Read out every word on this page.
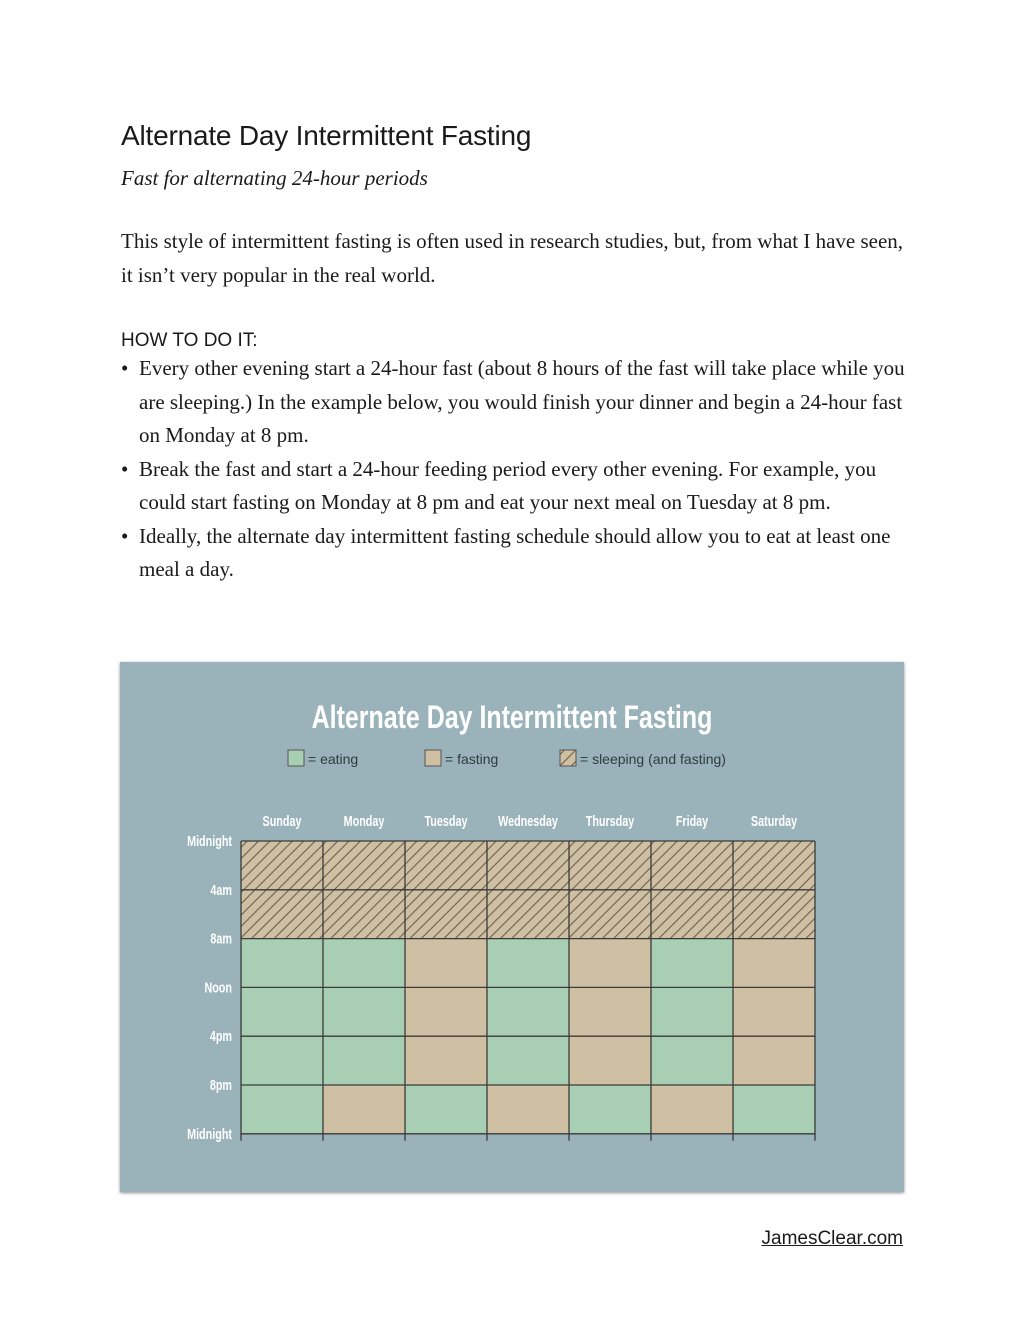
Alternate Day Intermittent Fasting

Fast for alternating 24-hour periods

This style of intermittent fasting is often used in research studies, but, from what I have seen, it isn’t very popular in the real world.

HOW TO DO IT:
• Every other evening start a 24-hour fast (about 8 hours of the fast will take place while you are sleeping.) In the example below, you would finish your dinner and begin a 24-hour fast on Monday at 8 pm.
• Break the fast and start a 24-hour feeding period every other evening. For example, you could start fasting on Monday at 8 pm and eat your next meal on Tuesday at 8 pm.
• Ideally, the alternate day intermittent fasting schedule should allow you to eat at least one meal a day.
Alternate Day Intermittent Fasting
= eating	= fasting	= sleeping (and fasting)
Sunday	Monday	Tuesday Wednesday Thursday	Friday	Saturday
Midnight
4am
8am
Noon
4pm
8pm
Midnight
JamesClear.com
